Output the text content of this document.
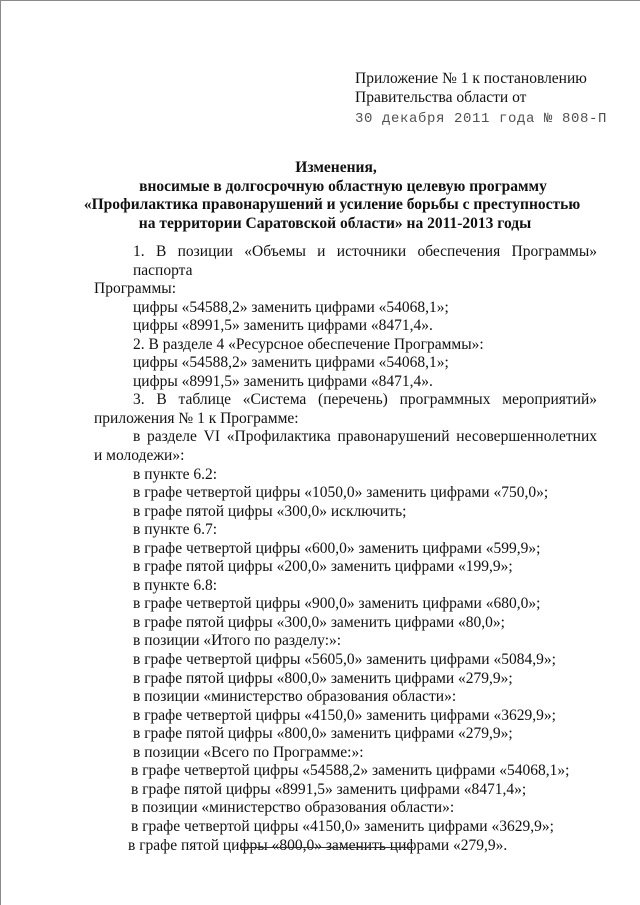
Приложение № 1 к постановлению
Правительства области от
30 декабря 2011 года № 808-П
Изменения,
вносимые в долгосрочную областную целевую программу
«Профилактика правонарушений и усиление борьбы с преступностью
на территории Саратовской области» на 2011-2013 годы
1. В позиции «Объемы и источники обеспечения Программы» паспорта
Программы:
цифры «54588,2» заменить цифрами «54068,1»;
цифры «8991,5» заменить цифрами «8471,4».
2. В разделе 4 «Ресурсное обеспечение Программы»:
цифры «54588,2» заменить цифрами «54068,1»;
цифры «8991,5» заменить цифрами «8471,4».
3. В таблице «Система (перечень) программных мероприятий»
приложения № 1 к Программе:
в разделе VI «Профилактика правонарушений несовершеннолетних
и молодежи»:
в пункте 6.2:
в графе четвертой цифры «1050,0» заменить цифрами «750,0»;
в графе пятой цифры «300,0» исключить;
в пункте 6.7:
в графе четвертой цифры «600,0» заменить цифрами «599,9»;
в графе пятой цифры «200,0» заменить цифрами «199,9»;
в пункте 6.8:
в графе четвертой цифры «900,0» заменить цифрами «680,0»;
в графе пятой цифры «300,0» заменить цифрами «80,0»;
в позиции «Итого по разделу:»:
в графе четвертой цифры «5605,0» заменить цифрами «5084,9»;
в графе пятой цифры «800,0» заменить цифрами «279,9»;
в позиции «министерство образования области»:
в графе четвертой цифры «4150,0» заменить цифрами «3629,9»;
в графе пятой цифры «800,0» заменить цифрами «279,9»;
в позиции «Всего по Программе:»:
в графе четвертой цифры «54588,2» заменить цифрами «54068,1»;
в графе пятой цифры «8991,5» заменить цифрами «8471,4»;
в позиции «министерство образования области»:
в графе четвертой цифры «4150,0» заменить цифрами «3629,9»;
в графе пятой цифры «800,0» заменить цифрами «279,9».
